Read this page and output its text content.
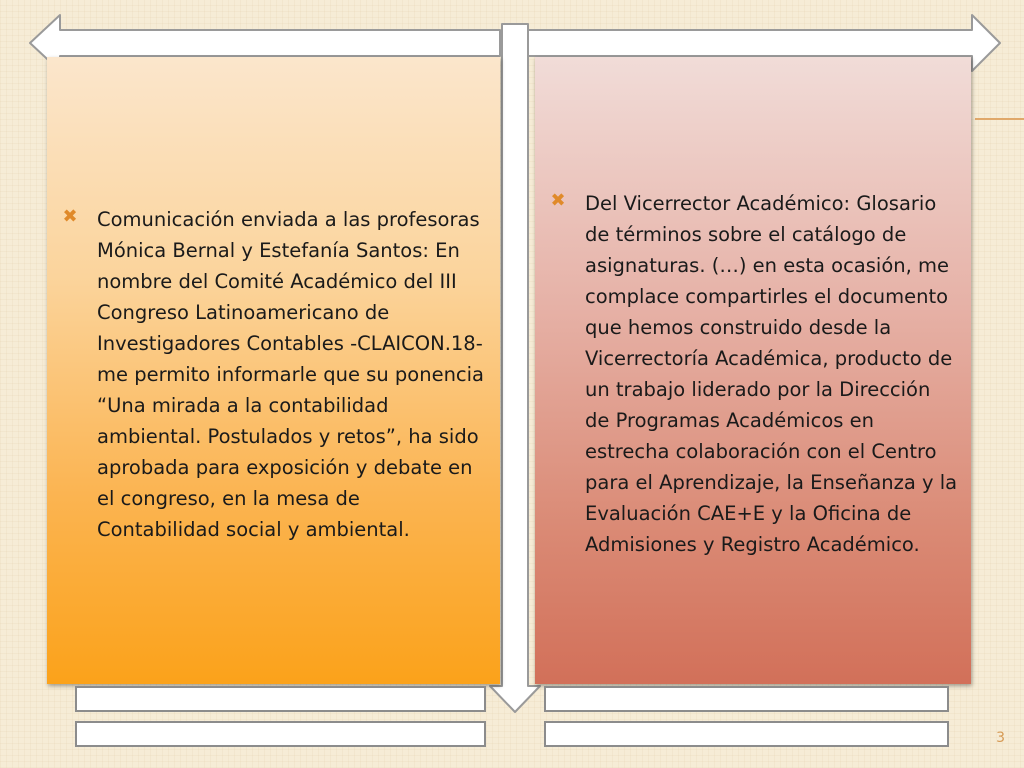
✖ Comunicación enviada a las profesoras Mónica Bernal y Estefanía Santos: En nombre del Comité Académico del III Congreso Latinoamericano de Investigadores Contables -CLAICON.18- me permito informarle que su ponencia “Una mirada a la contabilidad ambiental. Postulados y retos”, ha sido aprobada para exposición y debate en el congreso, en la mesa de Contabilidad social y ambiental.
✖ Del Vicerrector Académico: Glosario de términos sobre el catálogo de asignaturas. (…) en esta ocasión, me complace compartirles el documento que hemos construido desde la Vicerrectoría Académica, producto de un trabajo liderado por la Dirección de Programas Académicos en estrecha colaboración con el Centro para el Aprendizaje, la Enseñanza y la Evaluación CAE+E y la Oficina de Admisiones y Registro Académico.
3
